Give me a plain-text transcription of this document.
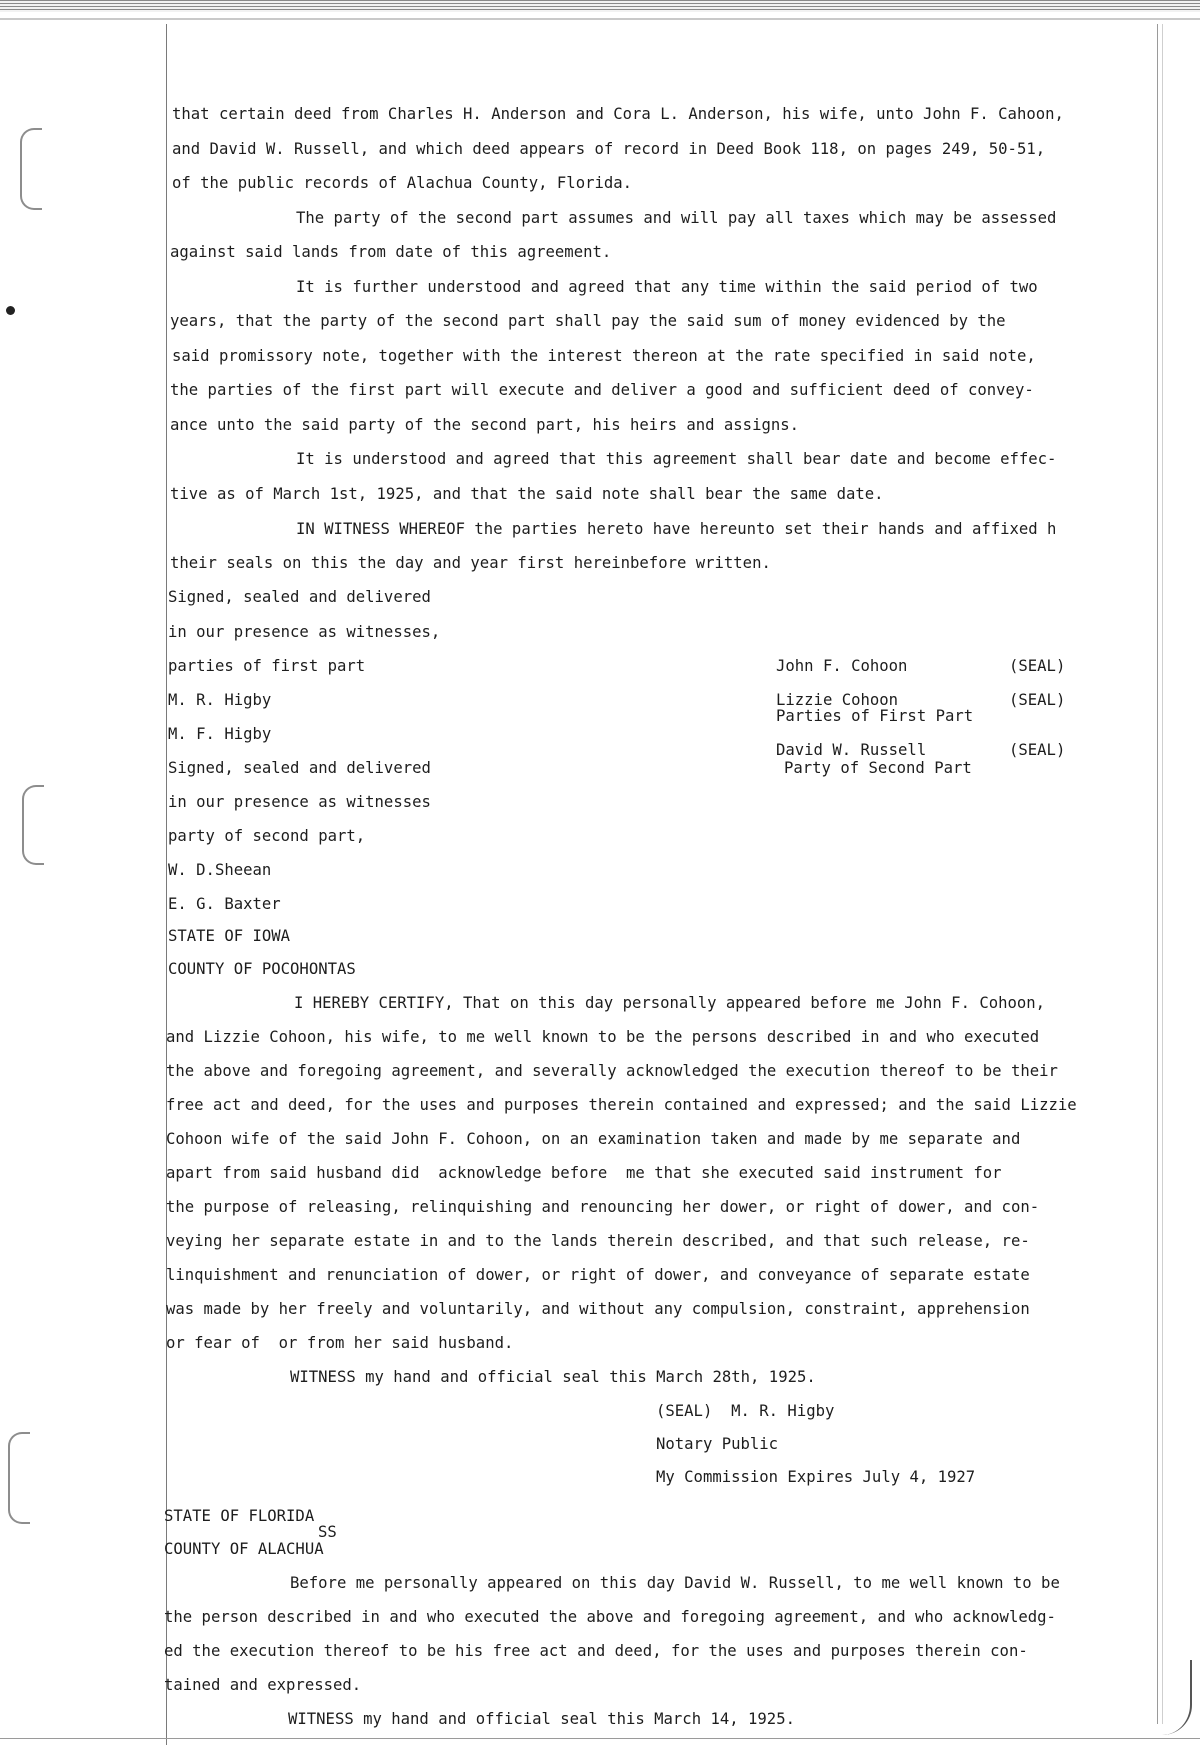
that certain deed from Charles H. Anderson and Cora L. Anderson, his wife, unto John F. Cahoon,

and David W. Russell, and which deed appears of record in Deed Book 118, on pages 249, 50-51,

of the public records of Alachua County, Florida.

The party of the second part assumes and will pay all taxes which may be assessed

against said lands from date of this agreement.

It is further understood and agreed that any time within the said period of two

years, that the party of the second part shall pay the said sum of money evidenced by the

said promissory note, together with the interest thereon at the rate specified in said note,

the parties of the first part will execute and deliver a good and sufficient deed of convey-

ance unto the said party of the second part, his heirs and assigns.

It is understood and agreed that this agreement shall bear date and become effec-

tive as of March 1st, 1925, and that the said note shall bear the same date.

IN WITNESS WHEREOF the parties hereto have hereunto set their hands and affixed h

their seals on this the day and year first hereinbefore written.

Signed, sealed and delivered

in our presence as witnesses,

parties of first part

M. R. Higby

M. F. Higby

Signed, sealed and delivered

in our presence as witnesses

party of second part,

W. D.Sheean

E. G. Baxter

John F. Cohoon	(SEAL)

Lizzie Cohoon	(SEAL)

Parties of First Part

David W. Russell	(SEAL)

Party of Second Part

STATE OF IOWA

COUNTY OF POCOHONTAS

I HEREBY CERTIFY, That on this day personally appeared before me John F. Cohoon,

and Lizzie Cohoon, his wife, to me well known to be the persons described in and who executed

the above and foregoing agreement, and severally acknowledged the execution thereof to be their

free act and deed, for the uses and purposes therein contained and expressed; and the said Lizzie

Cohoon wife of the said John F. Cohoon, on an examination taken and made by me separate and

apart from said husband did  acknowledge before  me that she executed said instrument for

the purpose of releasing, relinquishing and renouncing her dower, or right of dower, and con-

veying her separate estate in and to the lands therein described, and that such release, re-

linquishment and renunciation of dower, or right of dower, and conveyance of separate estate

was made by her freely and voluntarily, and without any compulsion, constraint, apprehension

or fear of  or from her said husband.

WITNESS my hand and official seal this March 28th, 1925.

(SEAL)  M. R. Higby

Notary Public

My Commission Expires July 4, 1927

STATE OF FLORIDA

SS

COUNTY OF ALACHUA

Before me personally appeared on this day David W. Russell, to me well known to be

the person described in and who executed the above and foregoing agreement, and who acknowledg-

ed the execution thereof to be his free act and deed, for the uses and purposes therein con-

tained and expressed.

WITNESS my hand and official seal this March 14, 1925.
